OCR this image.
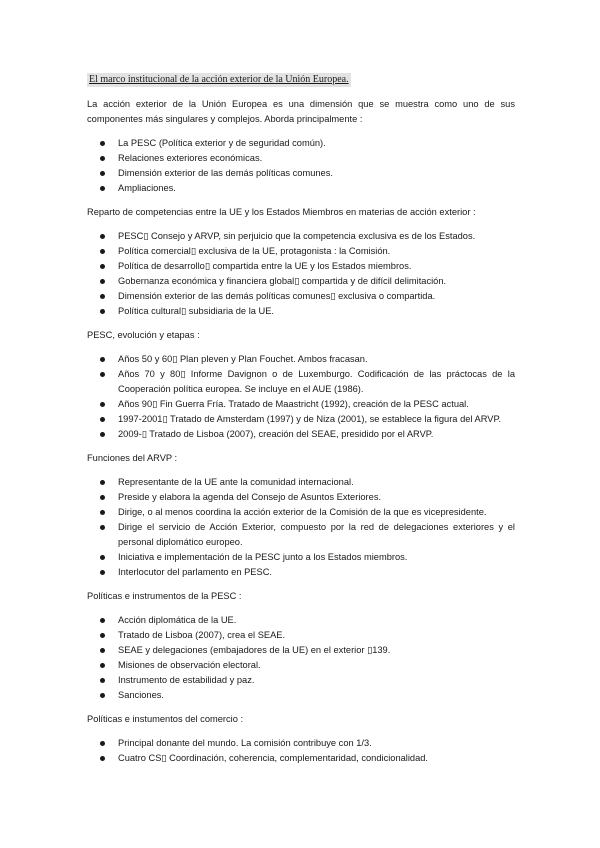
El marco institucional de la acción exterior de la Unión Europea.

La acción exterior de la Unión Europea es una dimensión que se muestra como uno de sus componentes más singulares y complejos. Aborda principalmente :

La PESC (Política exterior y de seguridad común).
Relaciones exteriores económicas.
Dimensión exterior de las demás políticas comunes.
Ampliaciones.

Reparto de competencias entre la UE y los Estados Miembros en materias de acción exterior :

PESC▯ Consejo y ARVP, sin perjuicio que la competencia exclusiva es de los Estados.
Política comercial▯ exclusiva de la UE, protagonista : la Comisión.
Política de desarrollo▯ compartida entre la UE y los Estados miembros.
Gobernanza económica y financiera global▯ compartida y de difícil delimitación.
Dimensión exterior de las demás políticas comunes▯ exclusiva o compartida.
Política cultural▯ subsidiaria de la UE.

PESC, evolución y etapas :

Años 50 y 60▯ Plan pleven y Plan Fouchet. Ambos fracasan.
Años 70 y 80▯ Informe Davignon o de Luxemburgo. Codificación de las práctocas de la Cooperación política europea. Se incluye en el AUE (1986).
Años 90▯ Fin Guerra Fría. Tratado de Maastricht (1992), creación de la PESC actual.
1997-2001▯ Tratado de Amsterdam (1997) y de Niza (2001), se establece la figura del ARVP.
2009-▯ Tratado de Lisboa (2007), creación del SEAE, presidido por el ARVP.

Funciones del ARVP :

Representante de la UE ante la comunidad internacional.
Preside y elabora la agenda del Consejo de Asuntos Exteriores.
Dirige, o al menos coordina la acción exterior de la Comisión de la que es vicepresidente.
Dirige el servicio de Acción Exterior, compuesto por la red de delegaciones exteriores y el personal diplomático europeo.
Iniciativa e implementación de la PESC junto a los Estados miembros.
Interlocutor del parlamento en PESC.

Políticas e instrumentos de la PESC :

Acción diplomática de la UE.
Tratado de Lisboa (2007), crea el SEAE.
SEAE y delegaciones (embajadores de la UE) en el exterior ▯139.
Misiones de observación electoral.
Instrumento de estabilidad y paz.
Sanciones.

Políticas e instumentos del comercio :

Principal donante del mundo. La comisión contribuye con 1/3.
Cuatro CS▯ Coordinación, coherencia, complementaridad, condicionalidad.
